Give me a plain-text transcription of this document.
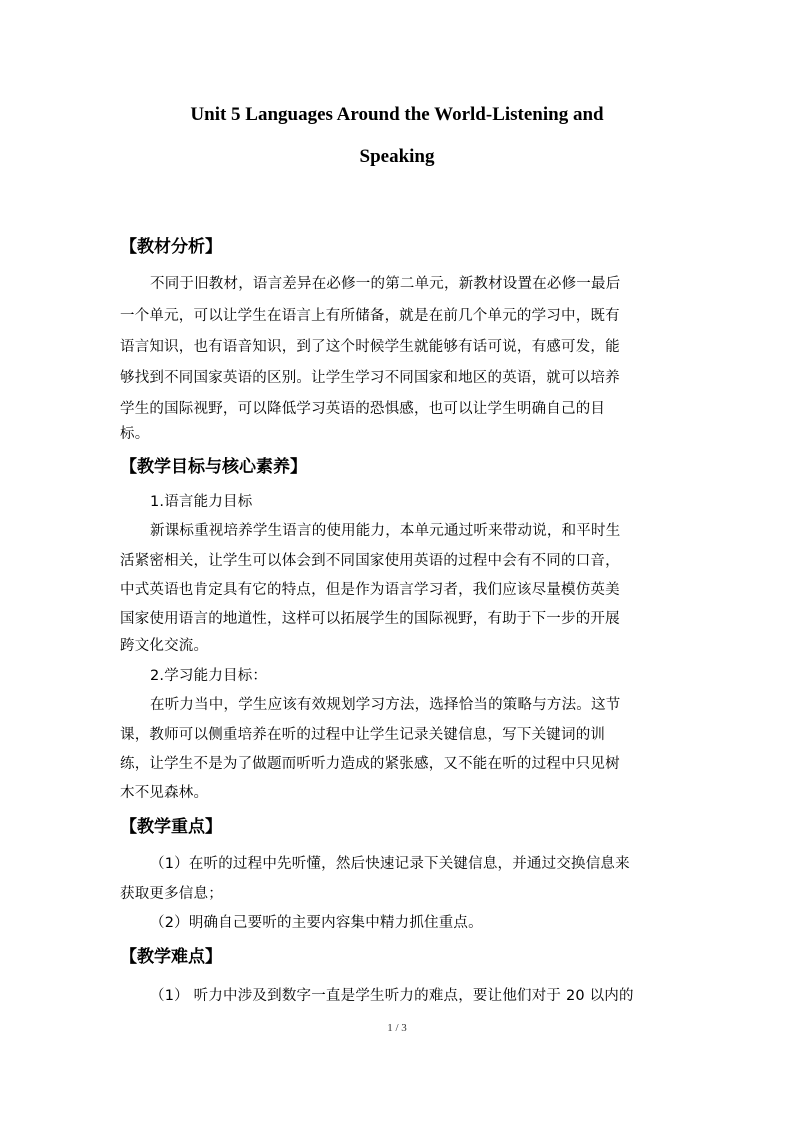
Unit 5 Languages Around the World-Listening and
Speaking
【教材分析】
不同于旧教材，语言差异在必修一的第二单元，新教材设置在必修一最后
一个单元，可以让学生在语言上有所储备，就是在前几个单元的学习中，既有
语言知识，也有语音知识，到了这个时候学生就能够有话可说，有感可发，能
够找到不同国家英语的区别。让学生学习不同国家和地区的英语，就可以培养
学生的国际视野，可以降低学习英语的恐惧感，也可以让学生明确自己的目
标。
【教学目标与核心素养】
1.语言能力目标
新课标重视培养学生语言的使用能力，本单元通过听来带动说，和平时生
活紧密相关，让学生可以体会到不同国家使用英语的过程中会有不同的口音，
中式英语也肯定具有它的特点，但是作为语言学习者，我们应该尽量模仿英美
国家使用语言的地道性，这样可以拓展学生的国际视野，有助于下一步的开展
跨文化交流。
2.学习能力目标：
在听力当中，学生应该有效规划学习方法，选择恰当的策略与方法。这节
课，教师可以侧重培养在听的过程中让学生记录关键信息，写下关键词的训
练，让学生不是为了做题而听听力造成的紧张感，又不能在听的过程中只见树
木不见森林。
【教学重点】
（1）在听的过程中先听懂，然后快速记录下关键信息，并通过交换信息来
获取更多信息；
（2）明确自己要听的主要内容集中精力抓住重点。
【教学难点】
（1） 听力中涉及到数字一直是学生听力的难点，要让他们对于 20 以内的
1 / 3
